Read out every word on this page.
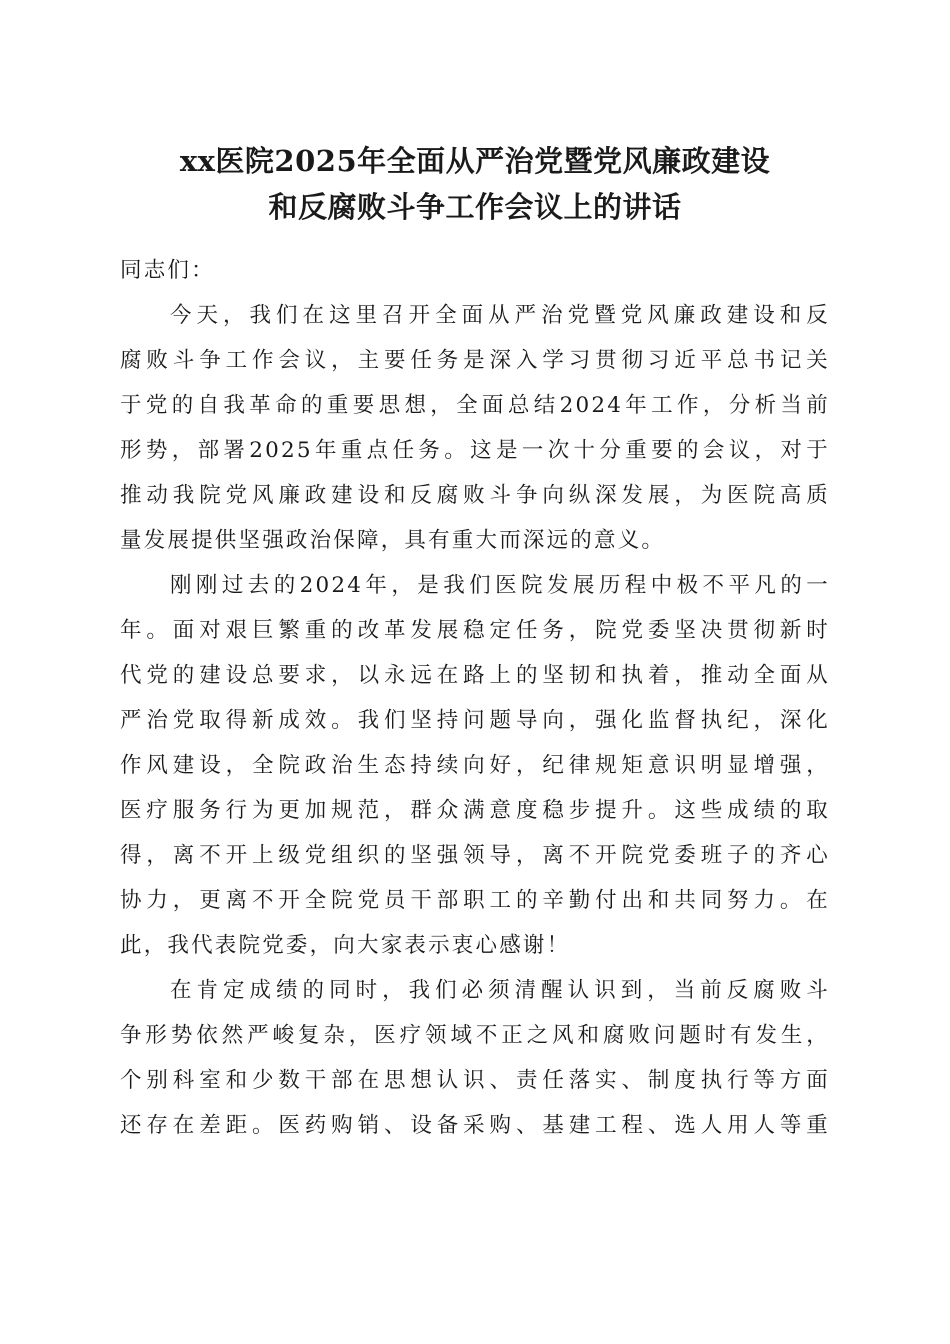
xx医院2025年全面从严治党暨党风廉政建设
和反腐败斗争工作会议上的讲话
同志们：
今天，我们在这里召开全面从严治党暨党风廉政建设和反
腐败斗争工作会议，主要任务是深入学习贯彻习近平总书记关
于党的自我革命的重要思想，全面总结2024年工作，分析当前
形势，部署2025年重点任务。这是一次十分重要的会议，对于
推动我院党风廉政建设和反腐败斗争向纵深发展，为医院高质
量发展提供坚强政治保障，具有重大而深远的意义。
刚刚过去的2024年，是我们医院发展历程中极不平凡的一
年。面对艰巨繁重的改革发展稳定任务，院党委坚决贯彻新时
代党的建设总要求，以永远在路上的坚韧和执着，推动全面从
严治党取得新成效。我们坚持问题导向，强化监督执纪，深化
作风建设，全院政治生态持续向好，纪律规矩意识明显增强，
医疗服务行为更加规范，群众满意度稳步提升。这些成绩的取
得，离不开上级党组织的坚强领导，离不开院党委班子的齐心
协力，更离不开全院党员干部职工的辛勤付出和共同努力。在
此，我代表院党委，向大家表示衷心感谢！
在肯定成绩的同时，我们必须清醒认识到，当前反腐败斗
争形势依然严峻复杂，医疗领域不正之风和腐败问题时有发生，
个别科室和少数干部在思想认识、责任落实、制度执行等方面
还存在差距。医药购销、设备采购、基建工程、选人用人等重
